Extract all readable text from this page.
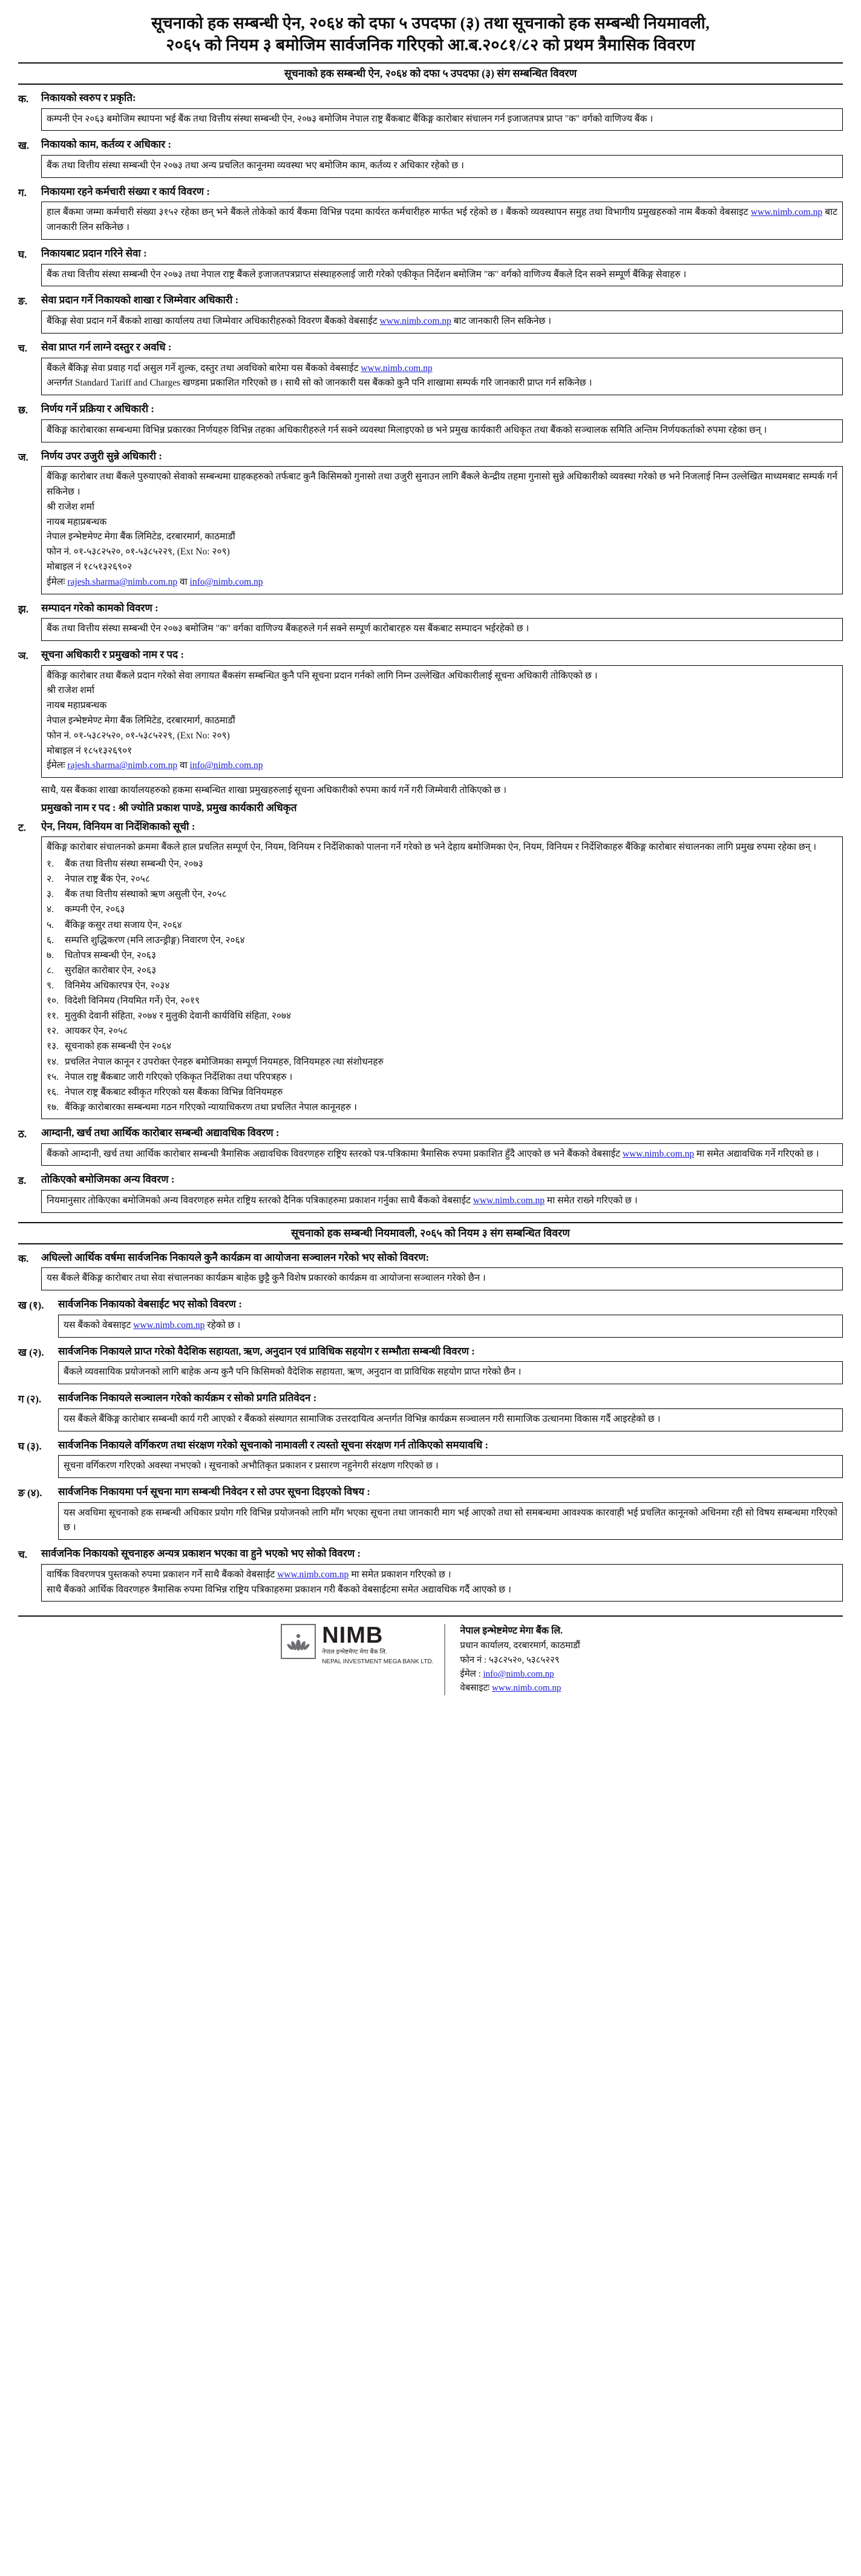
सूचनाको हक सम्बन्धी ऐन, २०६४ को दफा ५ उपदफा (३) तथा सूचनाको हक सम्बन्धी नियमावली,
२०६५ को नियम ३ बमोजिम सार्वजनिक गरिएको आ.ब.२०८१/८२ को प्रथम त्रैमासिक विवरण
सूचनाको हक सम्बन्धी ऐन, २०६४ को दफा ५ उपदफा (३) संग सम्बन्धित विवरण
क.	निकायको स्वरुप र प्रकृति:
कम्पनी ऐन २०६३ बमोजिम स्थापना भई बैंक तथा वित्तीय संस्था सम्बन्धी ऐन, २०७३ बमोजिम नेपाल राष्ट्र बैंकबाट बैंकिङ्ग कारोबार संचालन गर्न इजाजतपत्र प्राप्त "क" वर्गको वाणिज्य बैंक ।
ख.	निकायको काम, कर्तव्य र अधिकार :
बैंक तथा वित्तीय संस्था सम्बन्धी ऐन २०७३ तथा अन्य प्रचलित कानूनमा व्यवस्था भए बमोजिम काम, कर्तव्य र अधिकार रहेको छ ।
ग.	निकायमा रहने कर्मचारी संख्या र कार्य विवरण :
हाल बैंकमा जम्मा कर्मचारी संख्या ३१५२ रहेका छन् भने बैंकले तोकेको कार्य बैंकमा विभिन्न पदमा कार्यरत कर्मचारीहरु मार्फत भई रहेको छ । बैंकको व्यवस्थापन समुह तथा विभागीय प्रमुखहरुको नाम बैंकको वेबसाइट www.nimb.com.np बाट जानकारी लिन सकिनेछ ।
घ.	निकायबाट प्रदान गरिने सेवा :
बैंक तथा वित्तीय संस्था सम्बन्धी ऐन २०७३ तथा नेपाल राष्ट्र बैंकले इजाजतपत्रप्राप्त संस्थाहरुलाई जारी गरेको एकीकृत निर्देशन बमोजिम "क" वर्गको वाणिज्य बैंकले दिन सक्ने सम्पूर्ण बैंकिङ्ग सेवाहरु ।
ङ.	सेवा प्रदान गर्ने निकायको शाखा र जिम्मेवार अधिकारी :
बैंकिङ्ग सेवा प्रदान गर्ने बैंकको शाखा कार्यालय तथा जिम्मेवार अधिकारीहरुको विवरण बैंकको वेबसाईट www.nimb.com.np बाट जानकारी लिन सकिनेछ ।
च.	सेवा प्राप्त गर्न लाग्ने दस्तुर र अवधि :
बैंकले बैंकिङ्ग सेवा प्रवाह गर्दा असुल गर्ने शुल्क, दस्तुर तथा अवधिको बारेमा यस बैंकको वेबसाईट www.nimb.com.np
अन्तर्गत Standard Tariff and Charges खण्डमा प्रकाशित गरिएको छ । साथै सो को जानकारी यस बैंकको कुनै पनि शाखामा सम्पर्क गरि जानकारी प्राप्त गर्न सकिनेछ ।
छ.	निर्णय गर्ने प्रक्रिया र अधिकारी :
बैंकिङ्ग कारोबारका सम्बन्धमा विभिन्न प्रकारका निर्णयहरु विभिन्न तहका अधिकारीहरुले गर्न सक्ने व्यवस्था मिलाइएको छ भने प्रमुख कार्यकारी अधिकृत तथा बैंकको सञ्चालक समिति अन्तिम निर्णयकर्ताको रुपमा रहेका छन् ।
ज.	निर्णय उपर उजुरी सुन्ने अधिकारी :
बैंकिङ्ग कारोबार तथा बैंकले पुरुयाएको सेवाको सम्बन्धमा ग्राहकहरुको तर्फबाट कुनै किसिमको गुनासो तथा उजुरी सुनाउन लागि बैंकले केन्द्रीय तहमा गुनासो सुन्ने अधिकारीको व्यवस्था गरेको छ भने निजलाई निम्न उल्लेखित माध्यमबाट सम्पर्क गर्न सकिनेछ ।
श्री राजेश शर्मा
नायब महाप्रबन्धक
नेपाल इन्भेष्टमेण्ट मेगा बैंक लिमिटेड, दरबारमार्ग, काठमाडौं
फोन नं. ०१-५३८२५२०, ०१-५३८५२२९, (Ext No: २०९)
मोबाइल नं १८५१३२६९०२
ईमेलः rajesh.sharma@nimb.com.np वा info@nimb.com.np
झ.	सम्पादन गरेको कामको विवरण :
बैंक तथा वित्तीय संस्था सम्बन्धी ऐन २०७३ बमोजिम "क" वर्गका वाणिज्य बैंकहरुले गर्न सक्ने सम्पूर्ण कारोबारहरु यस बैंकबाट सम्पादन भईरहेको छ ।
ञ.	सूचना अधिकारी र प्रमुखको नाम र पद :
बैंकिङ्ग कारोबार तथा बैंकले प्रदान गरेको सेवा लगायत बैंकसंग सम्बन्धित कुनै पनि सूचना प्रदान गर्नको लागि निम्न उल्लेखित अधिकारीलाई सूचना अधिकारी तोकिएको छ ।
श्री राजेश शर्मा
नायब महाप्रबन्धक
नेपाल इन्भेष्टमेण्ट मेगा बैंक लिमिटेड, दरबारमार्ग, काठमाडौं
फोन नं. ०१-५३८२५२०, ०१-५३८५२२९, (Ext No: २०९)
मोबाइल नं १८५१३२६९०१
ईमेलः rajesh.sharma@nimb.com.np वा info@nimb.com.np
साथै, यस बैंकका शाखा कार्यालयहरुको हकमा सम्बन्धित शाखा प्रमुखहरुलाई सूचना अधिकारीको रुपमा कार्य गर्ने गरी जिम्मेवारी तोकिएको छ ।
प्रमुखको नाम र पद : श्री ज्योति प्रकाश पाण्डे, प्रमुख कार्यकारी अधिकृत
ट.	ऐन, नियम, विनियम वा निर्देशिकाको सूची :
बैंकिङ्ग कारोबार संचालनको क्रममा बैंकले हाल प्रचलित सम्पूर्ण ऐन, नियम, विनियम र निर्देशिकाको पालना गर्ने गरेको छ भने देहाय बमोजिमका ऐन, नियम, विनियम र निर्देशिकाहरु बैंकिङ्ग कारोबार संचालनका लागि प्रमुख रुपमा रहेका छन् ।
१.	बैंक तथा वित्तीय संस्था सम्बन्धी ऐन, २०७३
२.	नेपाल राष्ट्र बैंक ऐन, २०५८
३.	बैंक तथा वित्तीय संस्थाको ऋण असुली ऐन, २०५८
४.	कम्पनी ऐन, २०६३
५.	बैंकिङ्ग कसुर तथा सजाय ऐन, २०६४
६.	सम्पत्ति शुद्धिकरण (मनि लाउन्ड्रीङ्ग) निवारण ऐन, २०६४
७.	धितोपत्र सम्बन्धी ऐन, २०६३
८.	सुरक्षित कारोबार ऐन, २०६३
९.	विनिमेय अधिकारपत्र ऐन, २०३४
१०. विदेशी विनिमय (नियमित गर्ने) ऐन, २०१९
११. मुलुकी देवानी संहिता, २०७४ र मुलुकी देवानी कार्यविधि संहिता, २०७४
१२. आयकर ऐन, २०५८
१३. सूचनाको हक सम्बन्धी ऐन २०६४
१४. प्रचलित नेपाल कानून र उपरोक्त ऐनहरु बमोजिमका सम्पूर्ण नियमहरु, विनियमहरु त्था संशोधनहरु
१५. नेपाल राष्ट्र बैंकबाट जारी गरिएको एकिकृत निर्देशिका तथा परिपत्रहरु ।
१६. नेपाल राष्ट्र बैंकबाट स्वीकृत गरिएको यस बैंकका विभिन्न विनियमहरु
१७. बैंकिङ्ग कारोबारका सम्बन्धमा गठन गरिएको न्यायाधिकरण तथा प्रचलित नेपाल कानूनहरु ।
ठ.	आम्दानी, खर्च तथा आर्थिक कारोबार सम्बन्धी अद्यावधिक विवरण :
बैंकको आम्दानी, खर्च तथा आर्थिक कारोबार सम्बन्धी त्रैमासिक अद्यावधिक विवरणहरु राष्ट्रिय स्तरको पत्र-पत्रिकामा त्रैमासिक रुपमा प्रकाशित हुँदै आएको छ भने बैंकको वेबसाईट www.nimb.com.np मा समेत अद्यावधिक गर्ने गरिएको छ ।
ड.	तोकिएको बमोजिमका अन्य विवरण :
नियमानुसार तोकिएका बमोजिमको अन्य विवरणहरु समेत राष्ट्रिय स्तरको दैनिक पत्रिकाहरुमा प्रकाशन गर्नुका साथै बैंकको वेबसाईट www.nimb.com.np मा समेत राख्ने गरिएको छ ।
सूचनाको हक सम्बन्धी नियमावली, २०६५ को नियम ३ संग सम्बन्धित विवरण
क.	अघिल्लो आर्थिक वर्षमा सार्वजनिक निकायले कुनै कार्यक्रम वा आयोजना सञ्चालन गरेको भए सोको विवरण:
यस बैंकले बैंकिङ्ग कारोबार तथा सेवा संचालनका कार्यक्रम बाहेक छुट्टै कुनै विशेष प्रकारको कार्यक्रम वा आयोजना सञ्चालन गरेको छैन ।
ख (१).	सार्वजनिक निकायको वेबसाईट भए सोको विवरण :
यस बैंकको वेबसाइट www.nimb.com.np रहेको छ ।
ख (२).	सार्वजनिक निकायले प्राप्त गरेको वैदेशिक सहायता, ऋण, अनुदान एवं प्राविधिक सहयोग र सम्भौता सम्बन्धी विवरण :
बैंकले व्यवसायिक प्रयोजनको लागि बाहेक अन्य कुनै पनि किसिमको वैदेशिक सहायता, ऋण, अनुदान वा प्राविधिक सहयोग प्राप्त गरेको छैन ।
ग (२).	सार्वजनिक निकायले सञ्चालन गरेको कार्यक्रम र सोको प्रगति प्रतिवेदन :
यस बैंकले बैंकिङ्ग कारोबार सम्बन्धी कार्य गरी आएको र बैंकको संस्थागत सामाजिक उत्तरदायित्व अन्तर्गत विभिन्न कार्यक्रम सञ्चालन गरी सामाजिक उत्थानमा विकास गर्दै आइरहेको छ ।
घ (३).	सार्वजनिक निकायले वर्गिकरण तथा संरक्षण गरेको सूचनाको नामावली र त्यस्तो सूचना संरक्षण गर्न तोकिएको समयावधि :
सूचना वर्गिकरण गरिएको अवस्था नभएको । सूचनाको अभौतिकृत प्रकाशन र प्रसारण नहुनेगरी संरक्षण गरिएको छ ।
ङ (४).	सार्वजनिक निकायमा पर्न सूचना माग सम्बन्धी निवेदन र सो उपर सूचना दिइएको विषय :
यस अवधिमा सूचनाको हक सम्बन्धी अधिकार प्रयोग गरि विभिन्न प्रयोजनको लागि माँग भएका सूचना तथा जानकारी माग भई आएको तथा सो समबन्धमा आवश्यक कारवाही भई प्रचलित कानूनको अधिनमा रही सो विषय सम्बन्धमा गरिएको छ ।
च.	सार्वजनिक निकायको सूचनाहरु अन्यत्र प्रकाशन भएका वा हुने भएको भए सोको विवरण :
वार्षिक विवरणपत्र पुस्तकको रुपमा प्रकाशन गर्ने साथै बैंकको वेबसाईट www.nimb.com.np मा समेत प्रकाशन गरिएको छ ।
साथै बैंकको आर्थिक विवरणहरु त्रैमासिक रुपमा विभिन्न राष्ट्रिय पत्रिकाहरुमा प्रकाशन गरी बैंकको वेबसाईटमा समेत अद्यावधिक गर्दै आएको छ ।
NIMB
नेपाल इन्भेष्टमेण्ट मेगा बैंक लि.
NEPAL INVESTMENT MEGA BANK LTD.
नेपाल इन्भेष्टमेण्ट मेगा बैंक लि.
प्रधान कार्यालय, दरबारमार्ग, काठमाडौं
फोन नं : ५३८२५२०, ५३८५२२९
ईमेल : info@nimb.com.np
वेबसाइटः www.nimb.com.np
